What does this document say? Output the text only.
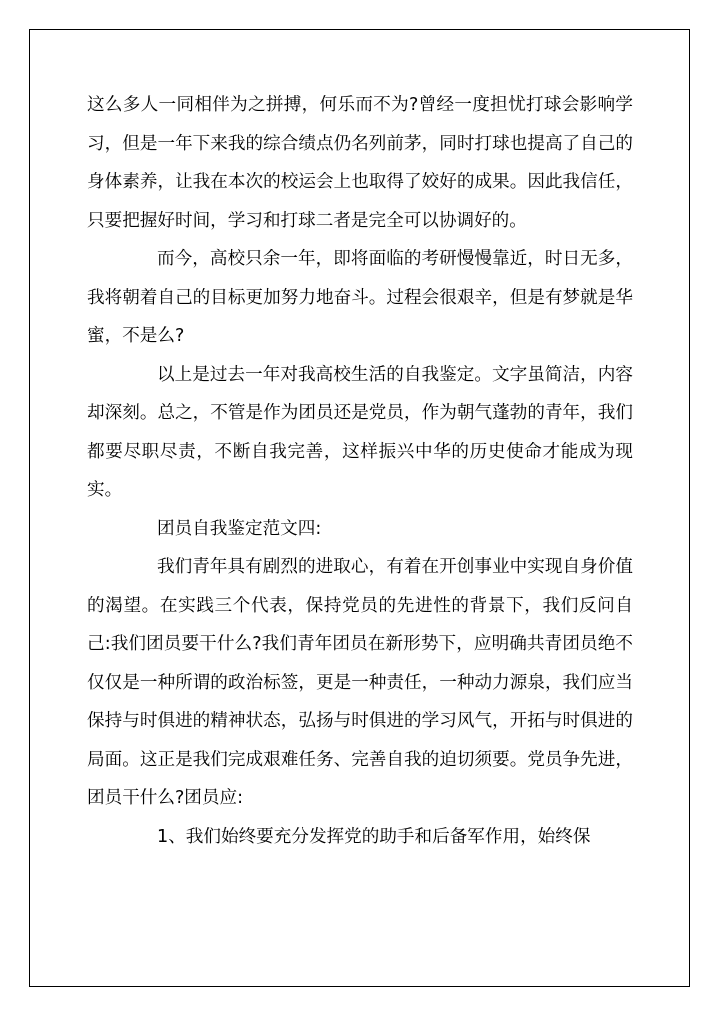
这么多人一同相伴为之拼搏，何乐而不为?曾经一度担忧打球会影响学习，但是一年下来我的综合绩点仍名列前茅，同时打球也提高了自己的身体素养，让我在本次的校运会上也取得了姣好的成果。因此我信任，只要把握好时间，学习和打球二者是完全可以协调好的。

而今，高校只余一年，即将面临的考研慢慢靠近，时日无多，我将朝着自己的目标更加努力地奋斗。过程会很艰辛，但是有梦就是华蜜，不是么?

以上是过去一年对我高校生活的自我鉴定。文字虽简洁，内容却深刻。总之，不管是作为团员还是党员，作为朝气蓬勃的青年，我们都要尽职尽责，不断自我完善，这样振兴中华的历史使命才能成为现实。

团员自我鉴定范文四:

我们青年具有剧烈的进取心，有着在开创事业中实现自身价值的渴望。在实践三个代表，保持党员的先进性的背景下，我们反问自己:我们团员要干什么?我们青年团员在新形势下，应明确共青团员绝不仅仅是一种所谓的政治标签，更是一种责任，一种动力源泉，我们应当保持与时俱进的精神状态，弘扬与时俱进的学习风气，开拓与时俱进的局面。这正是我们完成艰难任务、完善自我的迫切须要。党员争先进，团员干什么?团员应:

1、我们始终要充分发挥党的助手和后备军作用，始终保
